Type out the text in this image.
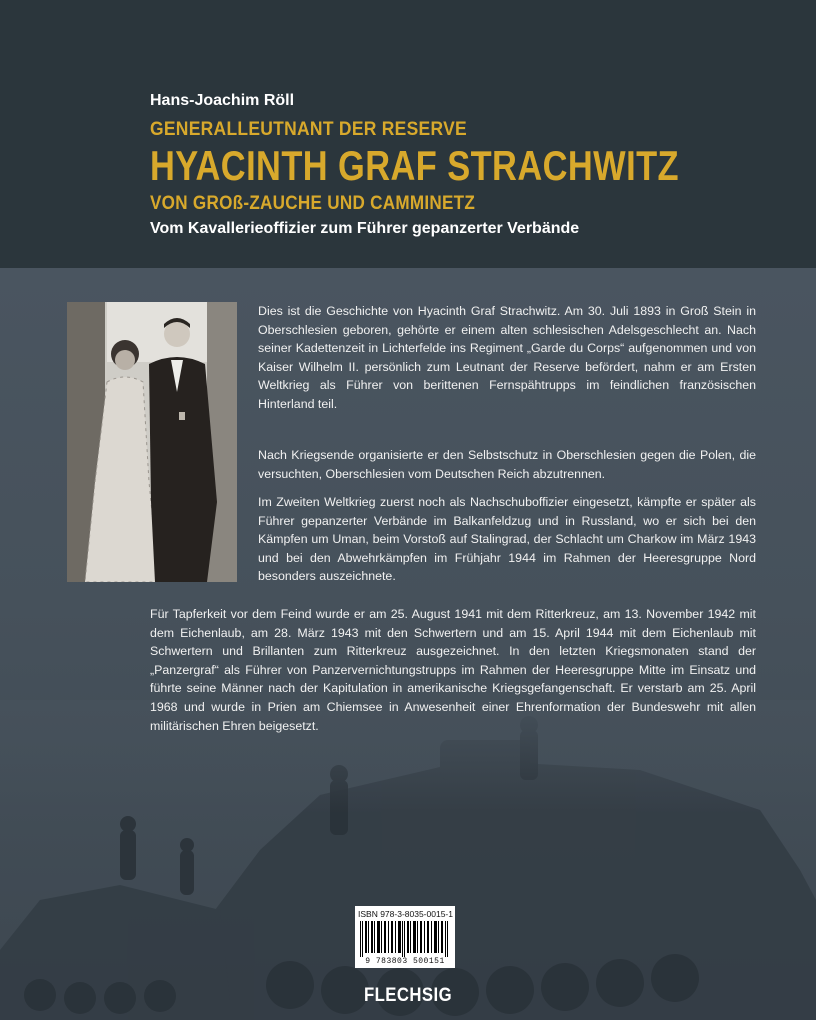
Hans-Joachim Röll
GENERALLEUTNANT DER RESERVE
HYACINTH GRAF STRACHWITZ
VON GROß-ZAUCHE UND CAMMINETZ
Vom Kavallerieoffizier zum Führer gepanzerter Verbände

Dies ist die Geschichte von Hyacinth Graf Strachwitz. Am 30. Juli 1893 in Groß Stein in Oberschlesien geboren, gehörte er einem alten schlesischen Adelsgeschlecht an. Nach seiner Kadettenzeit in Lichterfelde ins Regiment „Garde du Corps“ aufgenommen und von Kaiser Wilhelm II. persönlich zum Leutnant der Reserve befördert, nahm er am Ersten Weltkrieg als Führer von berittenen Fernspähtrupps im feindlichen französischen Hinterland teil.

Nach Kriegsende organisierte er den Selbstschutz in Oberschlesien gegen die Polen, die versuchten, Oberschlesien vom Deutschen Reich abzutrennen.

Im Zweiten Weltkrieg zuerst noch als Nachschuboffizier eingesetzt, kämpfte er später als Führer gepanzerter Verbände im Balkanfeldzug und in Russland, wo er sich bei den Kämpfen um Uman, beim Vorstoß auf Stalingrad, der Schlacht um Charkow im März 1943 und bei den Abwehrkämpfen im Frühjahr 1944 im Rahmen der Heeresgruppe Nord besonders auszeichnete.

Für Tapferkeit vor dem Feind wurde er am 25. August 1941 mit dem Ritterkreuz, am 13. November 1942 mit dem Eichenlaub, am 28. März 1943 mit den Schwertern und am 15. April 1944 mit dem Eichenlaub mit Schwertern und Brillanten zum Ritterkreuz ausgezeichnet. In den letzten Kriegsmonaten stand der „Panzergraf“ als Führer von Panzervernichtungstrupps im Rahmen der Heeresgruppe Mitte im Einsatz und führte seine Männer nach der Kapitulation in amerikanische Kriegsgefangenschaft. Er verstarb am 25. April 1968 und wurde in Prien am Chiemsee in Anwesenheit einer Ehrenformation der Bundeswehr mit allen militärischen Ehren beigesetzt.

ISBN 978-3-8035-0015-1
9 783803 500151
FLECHSIG
